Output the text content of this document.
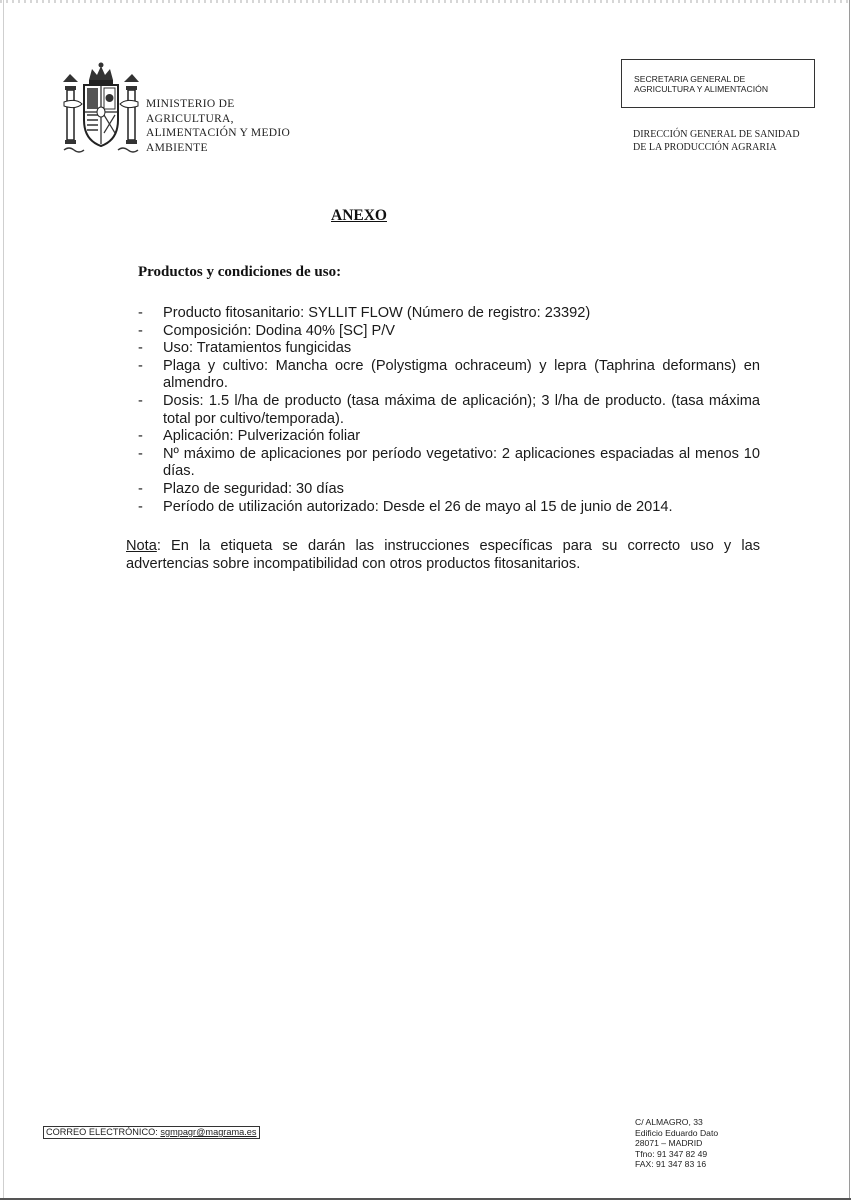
MINISTERIO DE
AGRICULTURA,
ALIMENTACIÓN Y MEDIO
AMBIENTE
SECRETARIA GENERAL DE
AGRICULTURA Y ALIMENTACIÓN
DIRECCIÓN GENERAL DE SANIDAD
DE LA PRODUCCIÓN AGRARIA
ANEXO
Productos y condiciones de uso:
- Producto fitosanitario: SYLLIT FLOW (Número de registro: 23392)
- Composición: Dodina 40% [SC] P/V
- Uso: Tratamientos fungicidas
- Plaga y cultivo: Mancha ocre (Polystigma ochraceum) y lepra (Taphrina deformans) en almendro.
- Dosis: 1.5 l/ha de producto (tasa máxima de aplicación); 3 l/ha de producto. (tasa máxima total por cultivo/temporada).
- Aplicación: Pulverización foliar
- Nº máximo de aplicaciones por período vegetativo: 2 aplicaciones espaciadas al menos 10 días.
- Plazo de seguridad: 30 días
- Período de utilización autorizado: Desde el 26 de mayo al 15 de junio de 2014.
Nota: En la etiqueta se darán las instrucciones específicas para su correcto uso y las advertencias sobre incompatibilidad con otros productos fitosanitarios.
CORREO ELECTRÓNICO: sgmpagr@magrama.es
C/ ALMAGRO, 33
Edificio Eduardo Dato
28071 – MADRID
Tfno: 91 347 82 49
FAX: 91 347 83 16
